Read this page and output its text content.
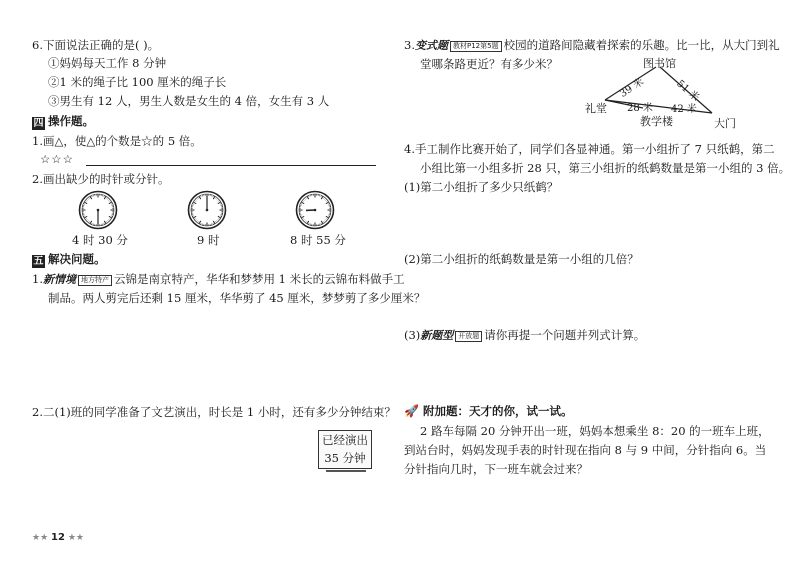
6.下面说法正确的是( )。
①妈妈每天工作 8 分钟
②1 米的绳子比 100 厘米的绳子长
③男生有 12 人，男生人数是女生的 4 倍，女生有 3 人
四 操作题。
1.画△，使△的个数是☆的 5 倍。
☆☆☆
2.画出缺少的时针或分针。
4 时 30 分	9 时	8 时 55 分
五 解决问题。
1.新情境 地方特产 云锦是南京特产，华华和梦梦用 1 米长的云锦布料做手工
制品。两人剪完后还剩 15 厘米，华华剪了 45 厘米，梦梦剪了多少厘米？
2.二(1)班的同学准备了文艺演出，时长是 1 小时，还有多少分钟结束？
已经演出
35 分钟
★★ 12 ★★
3.变式题 教材P12第5题 校园的道路间隐藏着探索的乐趣。比一比，从大门到礼
堂哪条路更近？有多少米？	图书馆
礼堂
教学楼	大门
39 米	51 米
28 米 42 米
4.手工制作比赛开始了，同学们各显神通。第一小组折了 7 只纸鹤，第二
小组比第一小组多折 28 只，第三小组折的纸鹤数量是第一小组的 3 倍。
(1)第二小组折了多少只纸鹤？
(2)第二小组折的纸鹤数量是第一小组的几倍？
(3)新题型 开放题 请你再提一个问题并列式计算。
🚀 附加题：天才的你，试一试。
2 路车每隔 20 分钟开出一班，妈妈本想乘坐 8：20 的一班车上班，
到站台时，妈妈发现手表的时针现在指向 8 与 9 中间，分针指向 6。当
分针指向几时，下一班车就会过来？
